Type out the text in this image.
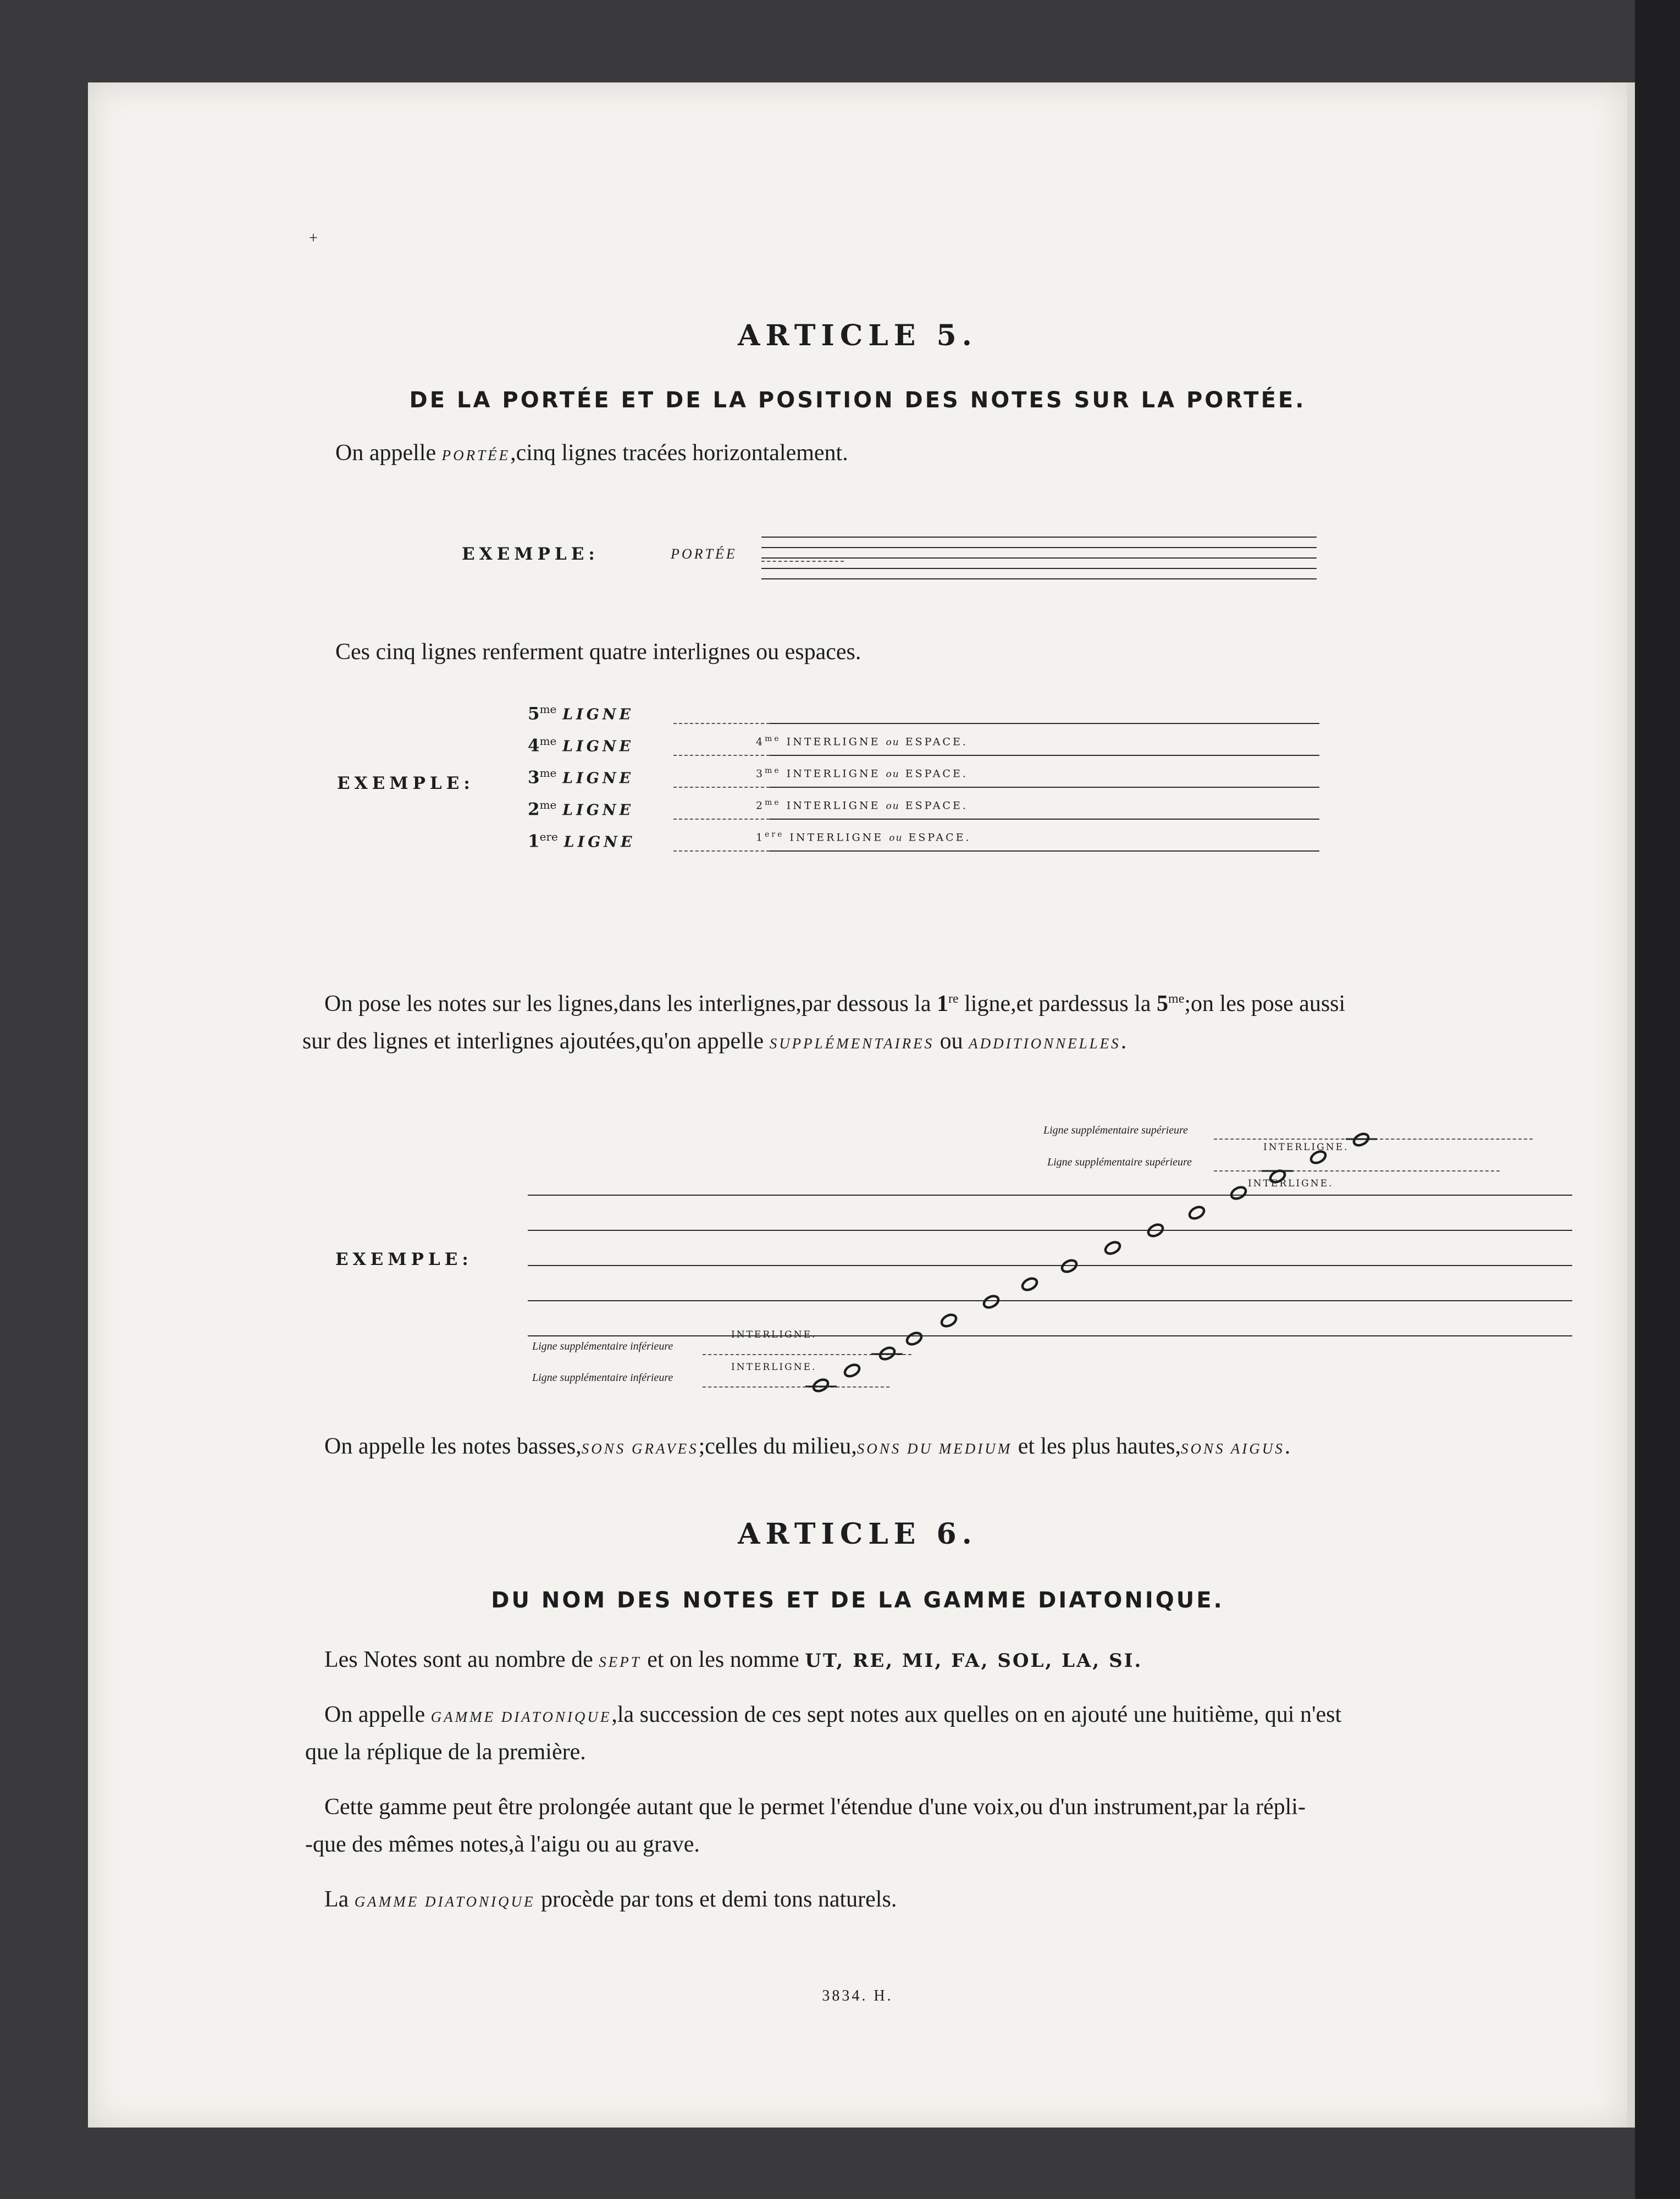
+
ARTICLE 5.
DE LA PORTÉE ET DE LA POSITION DES NOTES SUR LA PORTÉE.
On appelle PORTÉE,cinq lignes tracées horizontalement.
EXEMPLE:	PORTÉE
Ces cinq lignes renferment quatre interlignes ou espaces.
EXEMPLE:
$5^{me}$ LIGNE
$4^{me}$ LIGNE
$3^{me}$ LIGNE
$2^{me}$ LIGNE
1ere LIGNE
$4^{me}$ INTERLIGNE ou ESPACE.
$3^{me}$ INTERLIGNE ou ESPACE.
$2^{me}$ INTERLIGNE ou ESPACE.
1ere INTERLIGNE ou ESPACE.
On pose les notes sur les lignes,dans les interlignes,par dessous la 1re ligne,et pardessus la $5^{me};on$ les pose aussi
sur des lignes et interlignes ajoutées,qu'on appelle SUPPLÉMENTAIRES ou ADDITIONNELLES.
EXEMPLE:
Ligne supplémentaire supérieure
INTERLIGNE.
Ligne supplémentaire supérieure
INTERLIGNE.
INTERLIGNE.
Ligne supplémentaire inférieure
INTERLIGNE.
Ligne supplémentaire inférieure
On appelle les notes basses,SONS GRAVES;celles du milieu,SONS DU MEDIUM et les plus hautes,SONS AIGUS.
ARTICLE 6.
DU NOM DES NOTES ET DE LA GAMME DIATONIQUE.
Les Notes sont au nombre de SEPT et on les nomme UT, RE, MI, FA, SOL, LA, SI.
On appelle GAMME DIATONIQUE,la succession de ces sept notes aux quelles on en ajouté une huitième, qui n'est
que la réplique de la première.
Cette gamme peut être prolongée autant que le permet l'étendue d'une voix,ou d'un instrument,par la répli-
-que des mêmes notes,à l'aigu ou au grave.
La GAMME DIATONIQUE procède par tons et demi tons naturels.
3834. H.
